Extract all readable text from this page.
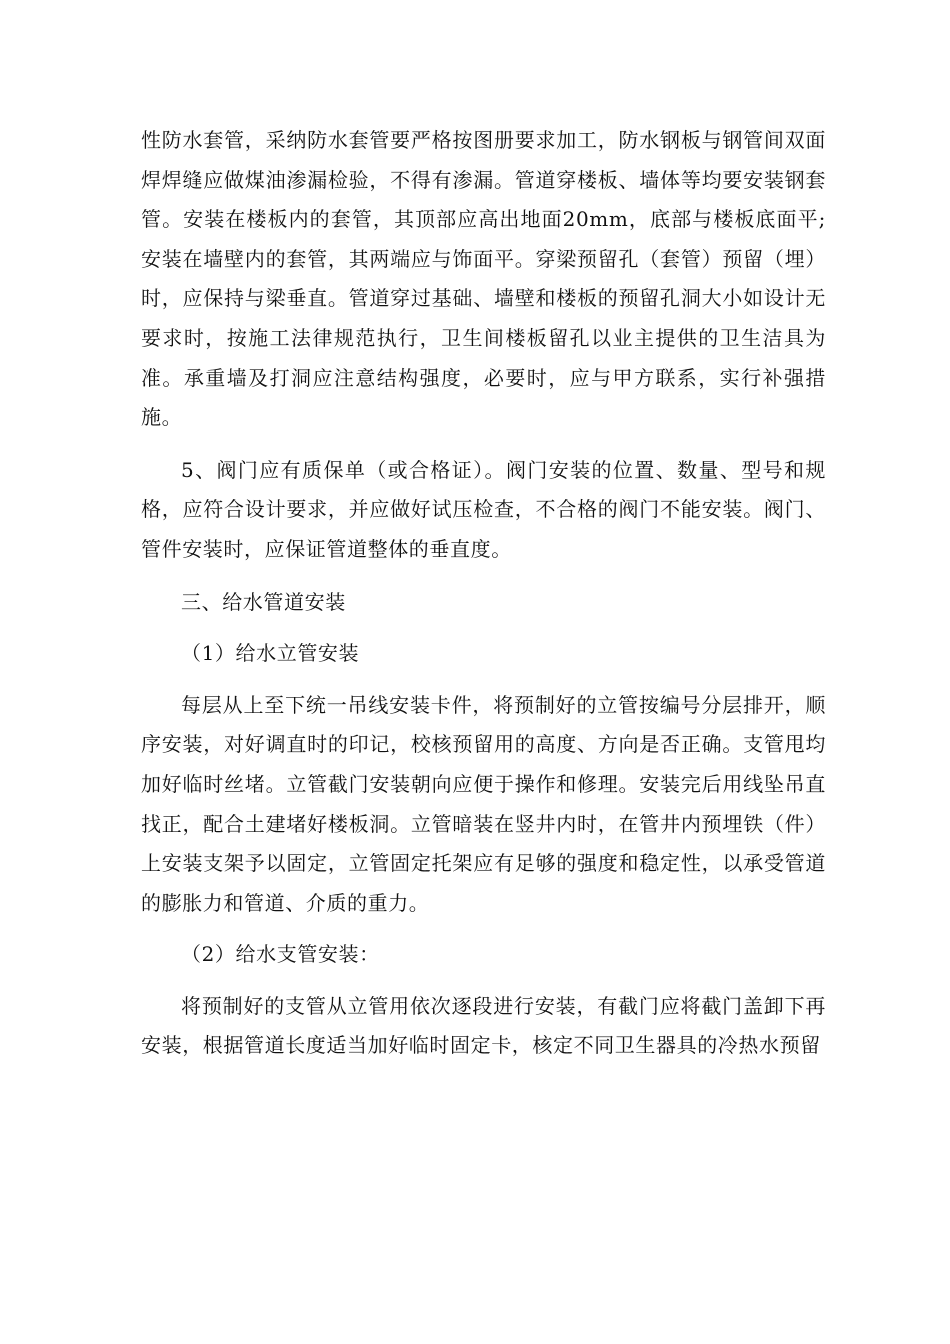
性防水套管，采纳防水套管要严格按图册要求加工，防水钢板与钢管间双面焊焊缝应做煤油渗漏检验，不得有渗漏。管道穿楼板、墙体等均要安装钢套管。安装在楼板内的套管，其顶部应高出地面20mm，底部与楼板底面平;安装在墙壁内的套管，其两端应与饰面平。穿梁预留孔（套管）预留（埋）时，应保持与梁垂直。管道穿过基础、墙壁和楼板的预留孔洞大小如设计无要求时，按施工法律规范执行，卫生间楼板留孔以业主提供的卫生洁具为准。承重墙及打洞应注意结构强度，必要时，应与甲方联系，实行补强措施。

5、阀门应有质保单（或合格证）。阀门安装的位置、数量、型号和规格，应符合设计要求，并应做好试压检查，不合格的阀门不能安装。阀门、管件安装时，应保证管道整体的垂直度。

三、给水管道安装

（1）给水立管安装

每层从上至下统一吊线安装卡件，将预制好的立管按编号分层排开，顺序安装，对好调直时的印记，校核预留用的高度、方向是否正确。支管甩均加好临时丝堵。立管截门安装朝向应便于操作和修理。安装完后用线坠吊直找正，配合土建堵好楼板洞。立管暗装在竖井内时，在管井内预埋铁（件）上安装支架予以固定，立管固定托架应有足够的强度和稳定性，以承受管道的膨胀力和管道、介质的重力。

（2）给水支管安装：

将预制好的支管从立管用依次逐段进行安装，有截门应将截门盖卸下再安装，根据管道长度适当加好临时固定卡，核定不同卫生器具的冷热水预留
